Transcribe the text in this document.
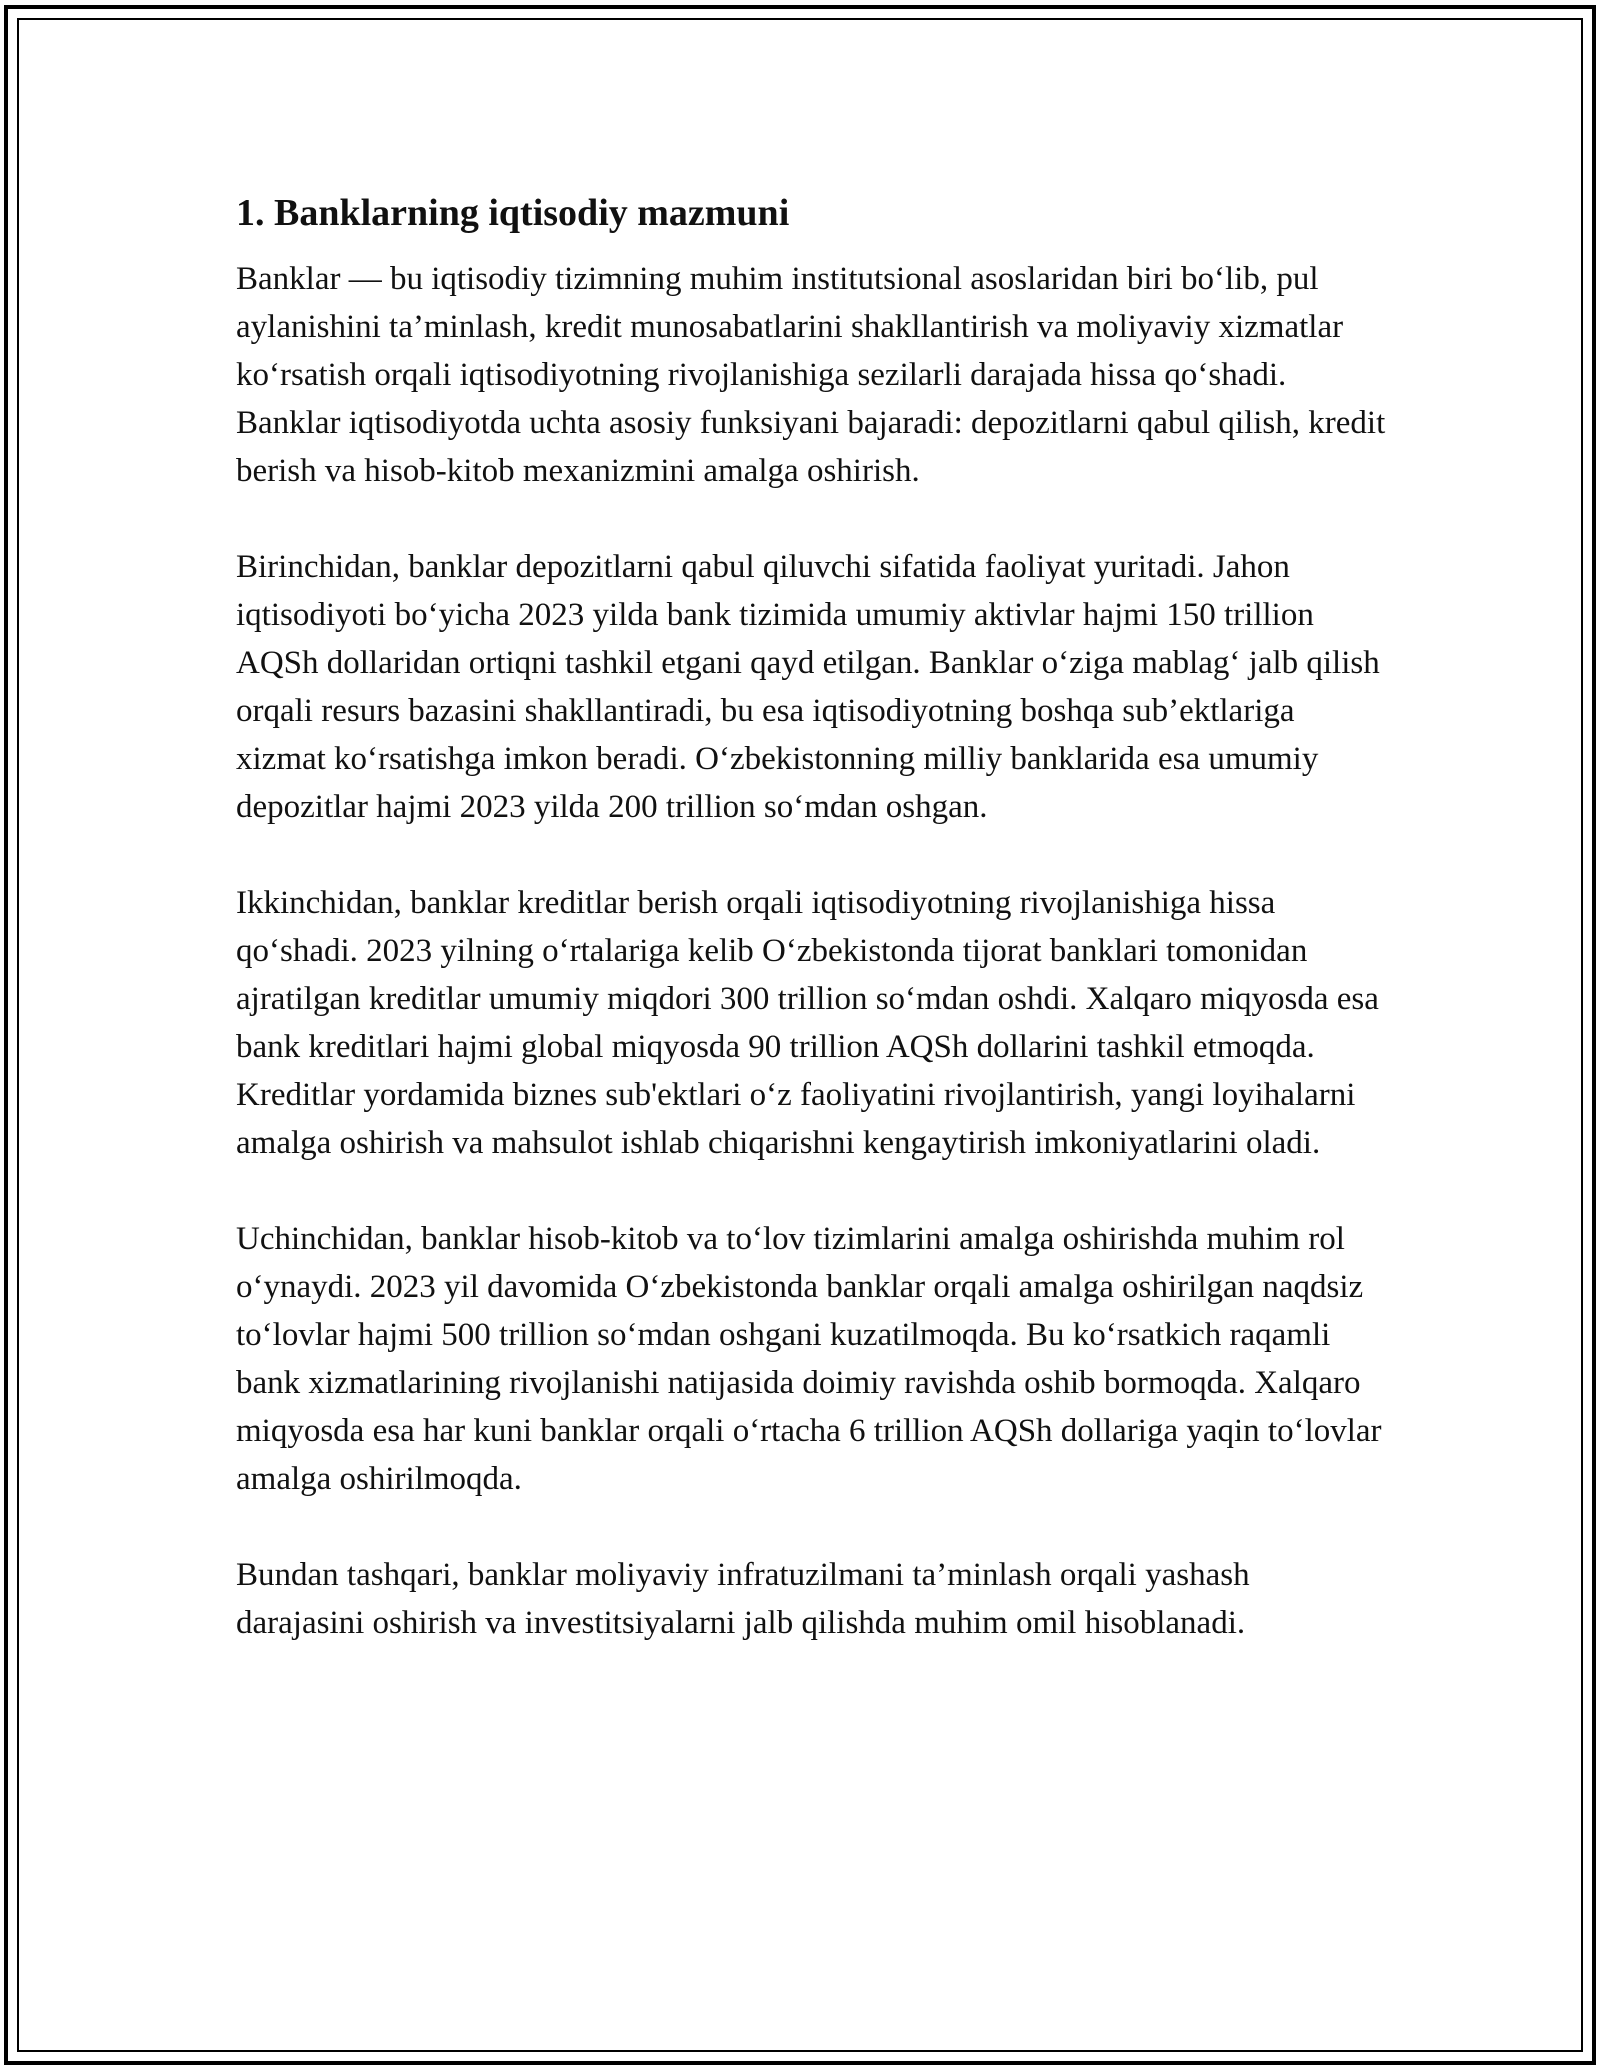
1. Banklarning iqtisodiy mazmuni

Banklar — bu iqtisodiy tizimning muhim institutsional asoslaridan biri bo‘lib, pul aylanishini ta’minlash, kredit munosabatlarini shakllantirish va moliyaviy xizmatlar ko‘rsatish orqali iqtisodiyotning rivojlanishiga sezilarli darajada hissa qo‘shadi. Banklar iqtisodiyotda uchta asosiy funksiyani bajaradi: depozitlarni qabul qilish, kredit berish va hisob-kitob mexanizmini amalga oshirish.

Birinchidan, banklar depozitlarni qabul qiluvchi sifatida faoliyat yuritadi. Jahon iqtisodiyoti bo‘yicha 2023 yilda bank tizimida umumiy aktivlar hajmi 150 trillion AQSh dollaridan ortiqni tashkil etgani qayd etilgan. Banklar o‘ziga mablag‘ jalb qilish orqali resurs bazasini shakllantiradi, bu esa iqtisodiyotning boshqa sub’ektlariga xizmat ko‘rsatishga imkon beradi. O‘zbekistonning milliy banklarida esa umumiy depozitlar hajmi 2023 yilda 200 trillion so‘mdan oshgan.

Ikkinchidan, banklar kreditlar berish orqali iqtisodiyotning rivojlanishiga hissa qo‘shadi. 2023 yilning o‘rtalariga kelib O‘zbekistonda tijorat banklari tomonidan ajratilgan kreditlar umumiy miqdori 300 trillion so‘mdan oshdi. Xalqaro miqyosda esa bank kreditlari hajmi global miqyosda 90 trillion AQSh dollarini tashkil etmoqda. Kreditlar yordamida biznes sub'ektlari o‘z faoliyatini rivojlantirish, yangi loyihalarni amalga oshirish va mahsulot ishlab chiqarishni kengaytirish imkoniyatlarini oladi.

Uchinchidan, banklar hisob-kitob va to‘lov tizimlarini amalga oshirishda muhim rol o‘ynaydi. 2023 yil davomida O‘zbekistonda banklar orqali amalga oshirilgan naqdsiz to‘lovlar hajmi 500 trillion so‘mdan oshgani kuzatilmoqda. Bu ko‘rsatkich raqamli bank xizmatlarining rivojlanishi natijasida doimiy ravishda oshib bormoqda. Xalqaro miqyosda esa har kuni banklar orqali o‘rtacha 6 trillion AQSh dollariga yaqin to‘lovlar amalga oshirilmoqda.

Bundan tashqari, banklar moliyaviy infratuzilmani ta’minlash orqali yashash darajasini oshirish va investitsiyalarni jalb qilishda muhim omil hisoblanadi.
